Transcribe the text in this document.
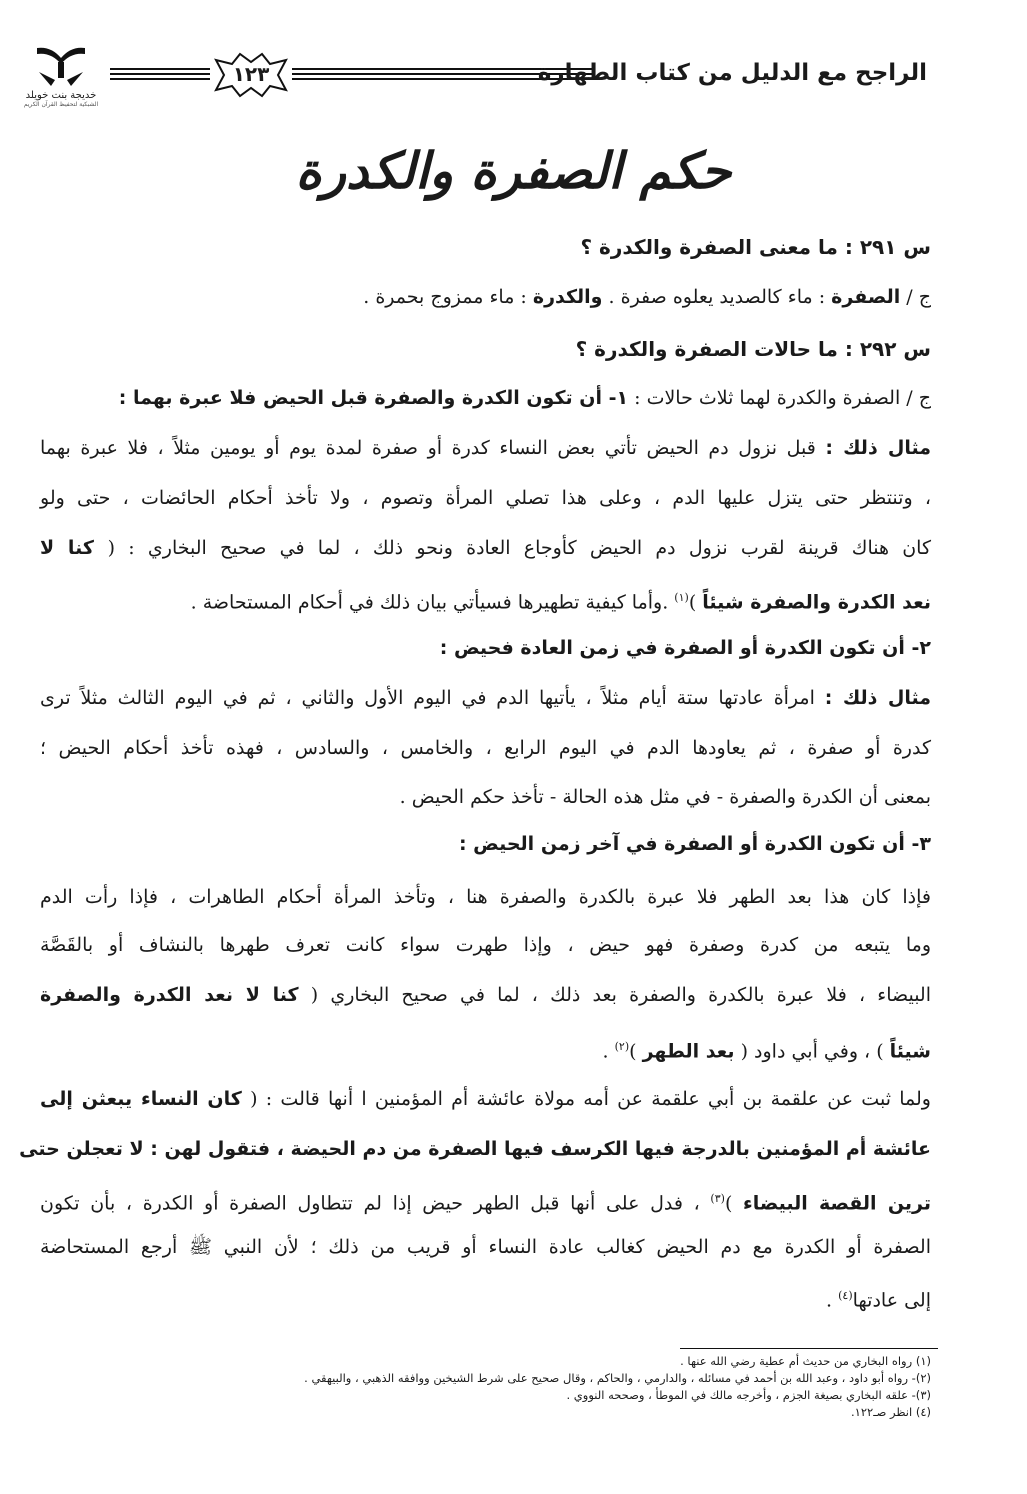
خديجة بنت خويلد
الشبكية لتحفيظ القرآن الكريم
١٢٣	الراجح مع الدليل من كتاب الطهارة
حكم الصفرة والكدرة
س ٢٩١ : ما معنى الصفرة والكدرة ؟
ج / الصفرة : ماء كالصديد يعلوه صفرة . والكدرة : ماء ممزوج بحمرة .
س ٢٩٢ : ما حالات الصفرة والكدرة ؟
ج / الصفرة والكدرة لهما ثلاث حالات : ١- أن تكون الكدرة والصفرة قبل الحيض فلا عبرة بهما :
مثال ذلك : قبل نزول دم الحيض تأتي بعض النساء كدرة أو صفرة لمدة يوم أو يومين مثلاً ، فلا عبرة بهما
، وتنتظر حتى يتزل عليها الدم ، وعلى هذا تصلي المرأة وتصوم ، ولا تأخذ أحكام الحائضات ، حتى ولو
كان هناك قرينة لقرب نزول دم الحيض كأوجاع العادة ونحو ذلك ، لما في صحيح البخاري : ( كنا لا
نعد الكدرة والصفرة شيئاً )$^{(١)}$ .وأما كيفية تطهيرها فسيأتي بيان ذلك في أحكام المستحاضة .
٢- أن تكون الكدرة أو الصفرة في زمن العادة فحيض :
مثال ذلك : امرأة عادتها ستة أيام مثلاً ، يأتيها الدم في اليوم الأول والثاني ، ثم في اليوم الثالث مثلاً ترى
كدرة أو صفرة ، ثم يعاودها الدم في اليوم الرابع ، والخامس ، والسادس ، فهذه تأخذ أحكام الحيض ؛
بمعنى أن الكدرة والصفرة - في مثل هذه الحالة - تأخذ حكم الحيض .
٣- أن تكون الكدرة أو الصفرة في آخر زمن الحيض :
فإذا كان هذا بعد الطهر فلا عبرة بالكدرة والصفرة هنا ، وتأخذ المرأة أحكام الطاهرات ، فإذا رأت الدم
وما يتبعه من كدرة وصفرة فهو حيض ، وإذا طهرت سواء كانت تعرف طهرها بالنشاف أو بالقَصَّة
البيضاء ، فلا عبرة بالكدرة والصفرة بعد ذلك ، لما في صحيح البخاري ( كنا لا نعد الكدرة والصفرة
شيئاً ) ، وفي أبي داود ( بعد الطهر )$^{(٢)}$ .
ولما ثبت عن علقمة بن أبي علقمة عن أمه مولاة عائشة أم المؤمنين ا أنها قالت : ( كان النساء يبعثن إلى
عائشة أم المؤمنين بالدرجة فيها الكرسف فيها الصفرة من دم الحيضة ، فتقول لهن : لا تعجلن حتى
ترين القصة البيضاء )$^{(٣)}$ ، فدل على أنها قبل الطهر حيض إذا لم تتطاول الصفرة أو الكدرة ، بأن تكون
الصفرة أو الكدرة مع دم الحيض كغالب عادة النساء أو قريب من ذلك ؛ لأن النبي ﷺ أرجع المستحاضة
إلى عادتها$^{(٤)}$ .
(١) رواه البخاري من حديث أم عطية رضي الله عنها .
(٢)- رواه أبو داود ، وعبد الله بن أحمد في مسائله ، والدارمي ، والحاكم ، وقال صحيح على شرط الشيخين ووافقه الذهبي ، والبيهقي .
(٣)- علقه البخاري بصيغة الجزم ، وأخرجه مالك في الموطأ ، وصححه النووي .
(٤) انظر صـ١٢٢.
